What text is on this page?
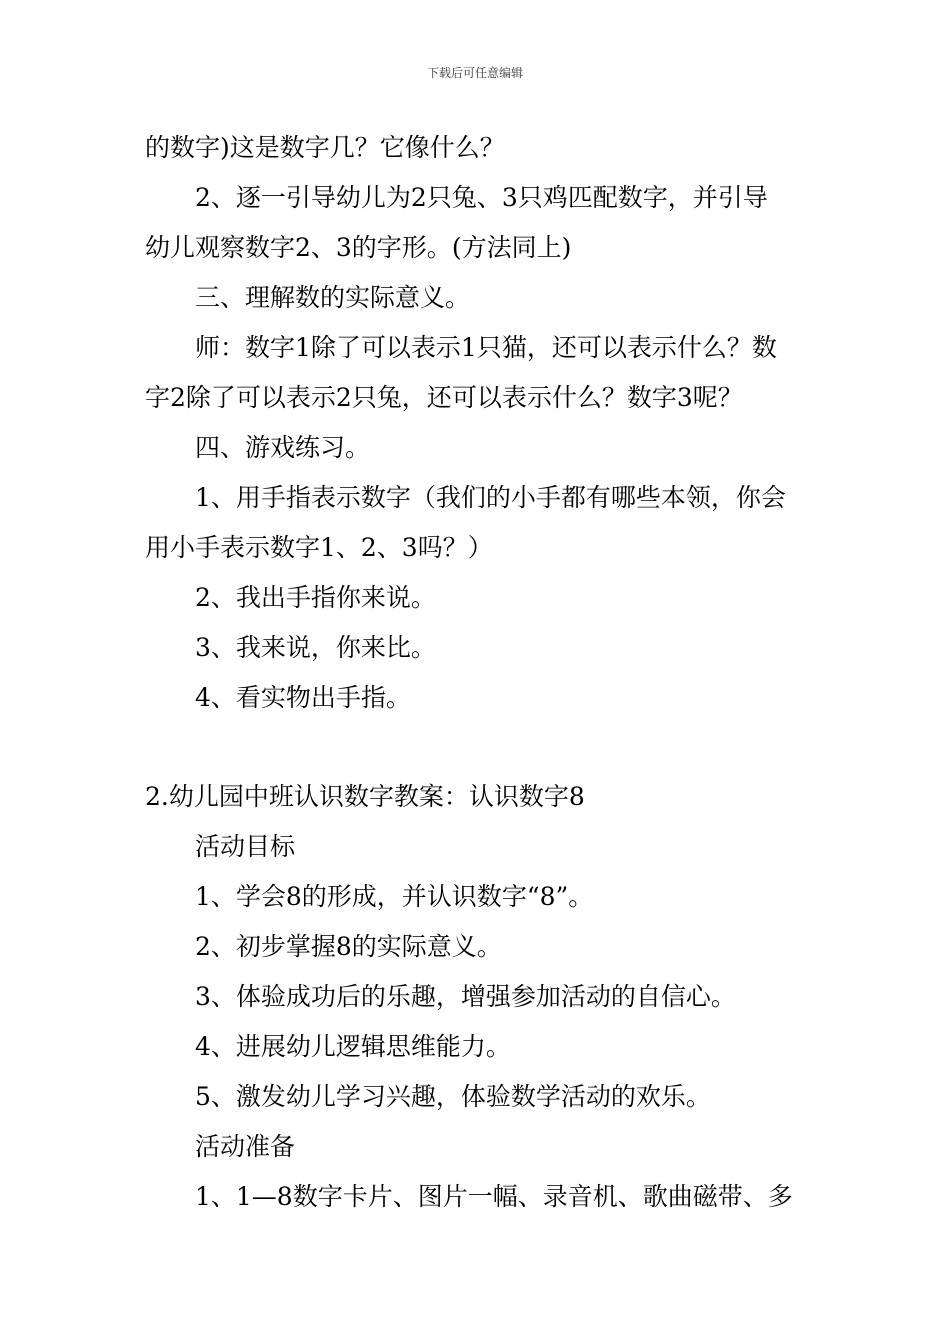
下载后可任意编辑
的数字)这是数字几？它像什么？
2、逐一引导幼儿为2只兔、3只鸡匹配数字，并引导
幼儿观察数字2、3的字形。(方法同上)
三、理解数的实际意义。
师：数字1除了可以表示1只猫，还可以表示什么？数
字2除了可以表示2只兔，还可以表示什么？数字3呢？
四、游戏练习。
1、用手指表示数字（我们的小手都有哪些本领，你会
用小手表示数字1、2、3吗？）
2、我出手指你来说。
3、我来说，你来比。
4、看实物出手指。
2.幼儿园中班认识数字教案：认识数字8
活动目标
1、学会8的形成，并认识数字“8”。
2、初步掌握8的实际意义。
3、体验成功后的乐趣，增强参加活动的自信心。
4、进展幼儿逻辑思维能力。
5、激发幼儿学习兴趣，体验数学活动的欢乐。
活动准备
1、1—8数字卡片、图片一幅、录音机、歌曲磁带、多
